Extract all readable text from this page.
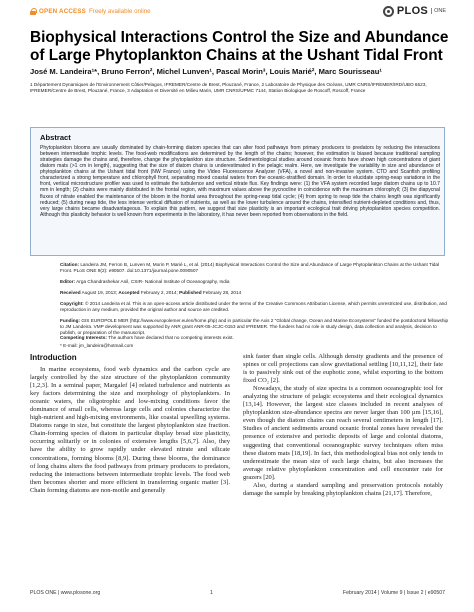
OPEN ACCESS Freely available online	PLOS	ONE
Biophysical Interactions Control the Size and Abundance of Large Phytoplankton Chains at the Ushant Tidal Front
José M. Landeira¹*, Bruno Ferron², Michel Lunven¹, Pascal Morin³, Louis Marié², Marc Sourisseau¹
1 Département Dynamiques de l'Environnement Côtier/Pelagos, IFREMER/Centre de Brest, Plouzané, France, 2 Laboratoire de Physique des Océans, UMR CNRS/IFREMER/IRD/UBO 6523, IFREMER/Centre de Brest, Plouzané, France, 3 Adaptation et Diversité en Milieu Marin, UMR CNRS/UPMC 7144, Station Biologique de Roscoff, Roscoff, France
Abstract
Phytoplankton blooms are usually dominated by chain-forming diatom species that can alter food pathways from primary producers to predators by reducing the interactions between intermediate trophic levels. The food-web modifications are determined by the length of the chains; however, the estimation is biased because traditional sampling strategies damage the chains and, therefore, change the phytoplankton size structure. Sedimentological studies around oceanic fronts have shown high concentrations of giant diatom mats (>1 cm in length), suggesting that the size of diatom chains is underestimated in the pelagic realm. Here, we investigate the variability in size and abundance of phytoplankton chains at the Ushant tidal front (NW France) using the Video Fluorescence Analyzer (VFA), a novel and non-invasive system. CTD and Scanfish profiling characterized a strong temperature and chlorophyll front, separating mixed coastal waters from the oceanic-stratified domain. In order to elucidate spring-neap variations in the front, vertical microstructure profiler was used to estimate the turbulence and vertical nitrate flux. Key findings were: (1) the VFA system recorded large diatom chains up to 10.7 mm in length; (2) chains were mainly distributed in the frontal region, with maximum values above the pycnocline in coincidence with the maximum chlorophyll; (3) the diapycnal fluxes of nitrate enabled the maintenance of the bloom in the frontal area throughout the spring-neap tidal cycle; (4) from spring to neap tide the chains length was significantly reduced; (5) during neap tide, the less intense vertical diffusion of nutrients, as well as the lower turbulence around the chains, intensified nutrient-depleted conditions and, thus, very large chains became disadvantageous. To explain this pattern, we suggest that size plasticity is an important ecological trait driving phytoplankton species competition. Although this plasticity behavior is well known from experiments in the laboratory, it has never been reported from observations in the field.
Citation: Landeira JM, Ferron B, Lunven M, Morin P, Marié L, et al. (2014) Biophysical Interactions Control the Size and Abundance of Large Phytoplankton Chains at the Ushant Tidal Front. PLoS ONE 9(2): e90507. doi:10.1371/journal.pone.0090507
Editor: Arga Chandrashekar Anil, CSIR- National Institute of Oceanography, India
Received August 19, 2013; Accepted February 2, 2014; Published February 28, 2014
Copyright: © 2014 Landeira et al. This is an open-access article distributed under the terms of the Creative Commons Attribution License, which permits unrestricted use, distribution, and reproduction in any medium, provided the original author and source are credited.
Funding: GIS EUROPOLE MER (http://www.europolemer.eu/en/home.php) and in particular the Axis 2 "Global change, Ocean and Marine Ecosystems" funded the postdoctoral fellowship to JM Landeira. VMP development was supported by ANR grant ANR-05-JCJC-0153 and IFREMER. The funders had no role in study design, data collection and analysis, decision to publish, or preparation of the manuscript.
Competing Interests: The authors have declared that no competing interests exist.
* E-mail: jm_landeira@hotmail.com
Introduction

In marine ecosystems, food web dynamics and the carbon cycle are largely controlled by the size structure of the phytoplankton community [1,2,3]. In a seminal paper, Margalef [4] related turbulence and nutrients as key factors determining the size and morphology of phytoplankters. In oceanic waters, the oligotrophic and low-mixing conditions favor the dominance of small cells, whereas large cells and colonies characterize the high-nutrient and high-mixing environments, like coastal upwelling systems. Diatoms range in size, but constitute the largest phytoplankton size fraction. Chain-forming species of diatom in particular display broad size plasticity, occurring solitarily or in colonies of extensive lengths [5,6,7]. Also, they have the ability to grow rapidly under elevated nitrate and silicate concentrations, forming blooms [8,9]. During these blooms, the dominance of long chains alters the food pathways from primary producers to predators, reducing the interactions between intermediate trophic levels. The food web then becomes shorter and more efficient in transferring organic matter [3]. Chain forming diatoms are non-motile and generally

sink faster than single cells. Although density gradients and the presence of spines or cell projections can slow gravitational settling [10,11,12], their fate is to passively sink out of the euphotic zone, whilst exporting to the bottom fixed CO₂ [2].

Nowadays, the study of size spectra is a common oceanographic tool for analyzing the structure of pelagic ecosystems and their ecological dynamics [13,14]. However, the largest size classes included in recent analyses of phytoplankton size-abundance spectra are never larger than 100 µm [15,16], even though the diatom chains can reach several centimeters in length [17]. Studies of ancient sediments around oceanic frontal zones have revealed the presence of extensive and periodic deposits of large and colonial diatoms, suggesting that conventional oceanographic survey techniques often miss these diatom mats [18,19]. In fact, this methodological bias not only tends to underestimate the mean size of such large chains, but also increases the average relative phytoplankton concentration and cell encounter rate for grazers [20].

Also, during a standard sampling and preservation protocols notably damage the sample by breaking phytoplankton chains [21,17]. Therefore,

PLOS ONE | www.plosone.org	1	February 2014 | Volume 9 | Issue 2 | e90507
